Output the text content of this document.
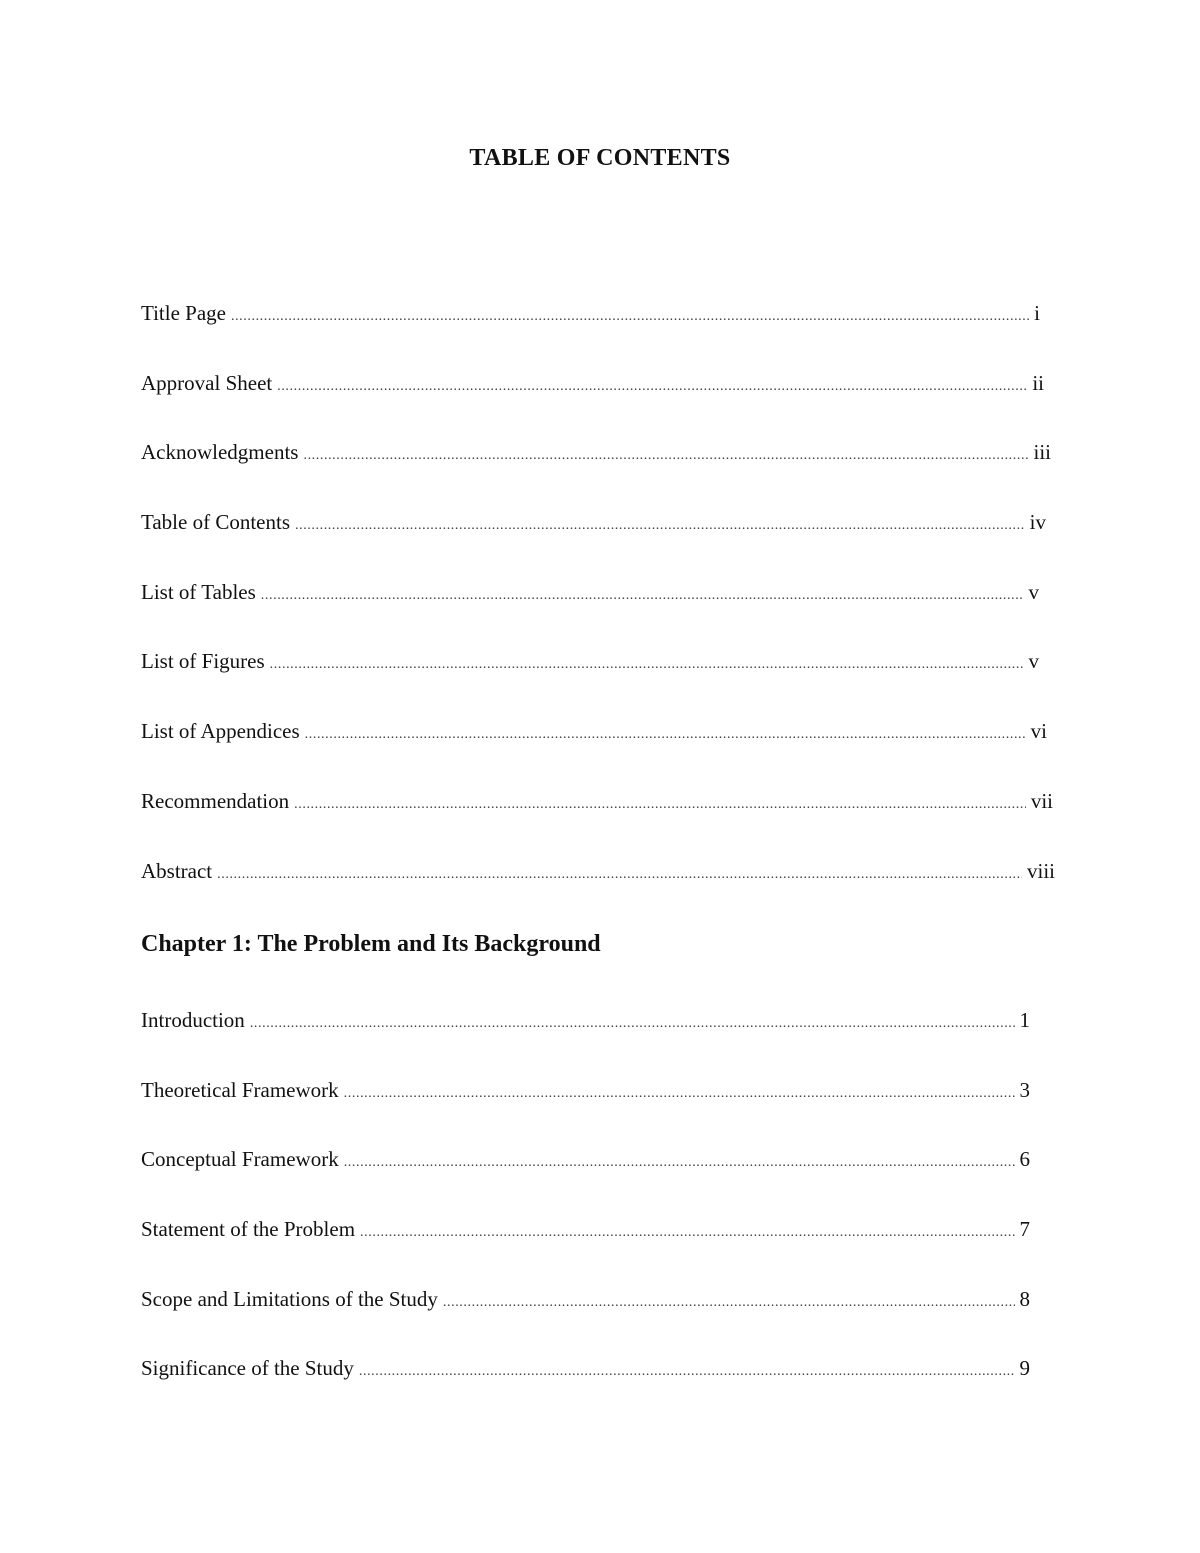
TABLE OF CONTENTS
Title Page .....	i
Approval Sheet .....	ii
Acknowledgments .....	iii
Table of Contents .....	iv
List of Tables .....	v
List of Figures .....	v
List of Appendices .....	vi
Recommendation .....	vii
Abstract .....	viii
Chapter 1: The Problem and Its Background
Introduction .....	1
Theoretical Framework .....	3
Conceptual Framework .....	6
Statement of the Problem .....	7
Scope and Limitations of the Study .....	8
Significance of the Study .....	9
